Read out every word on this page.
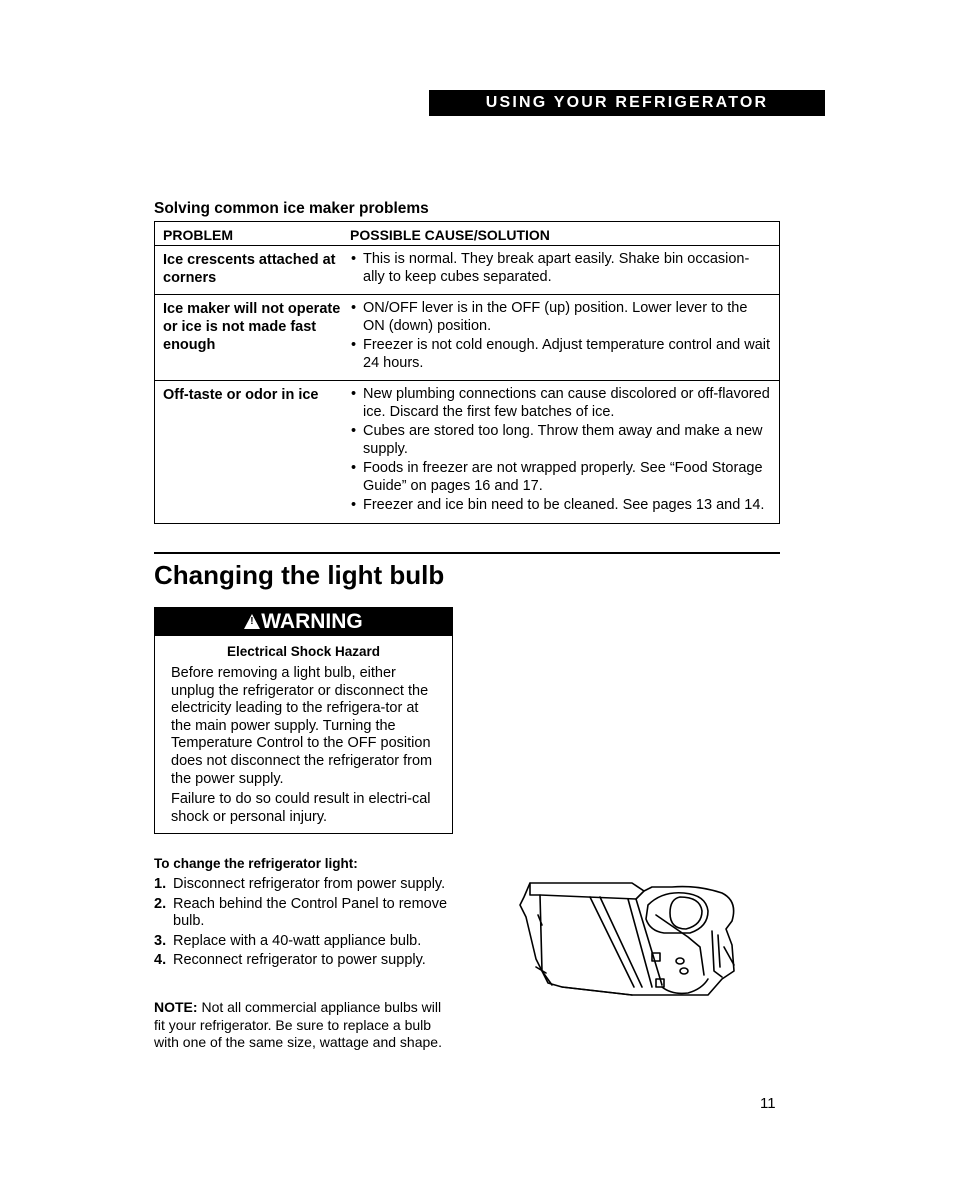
USING YOUR REFRIGERATOR
Solving common ice maker problems
PROBLEM	POSSIBLE CAUSE/SOLUTION
Ice crescents attached at corners	• This is normal. They break apart easily. Shake bin occasion-ally to keep cubes separated.

Ice maker will not operate or ice is not made fast enough	• ON/OFF lever is in the OFF (up) position. Lower lever to the ON (down) position.
• Freezer is not cold enough. Adjust temperature control and wait 24 hours.

Off-taste or odor in ice	• New plumbing connections can cause discolored or off-flavored ice. Discard the first few batches of ice.
• Cubes are stored too long. Throw them away and make a new supply.
• Foods in freezer are not wrapped properly. See “Food Storage Guide” on pages 16 and 17.
• Freezer and ice bin need to be cleaned. See pages 13 and 14.
Changing the light bulb
!WARNING
Electrical Shock Hazard

Before removing a light bulb, either unplug the refrigerator or disconnect the electricity leading to the refrigera-tor at the main power supply. Turning the Temperature Control to the OFF position does not disconnect the refrigerator from the power supply.

Failure to do so could result in electri-cal shock or personal injury.

To change the refrigerator light:
1. Disconnect refrigerator from power supply.
2. Reach behind the Control Panel to remove bulb.
3. Replace with a 40-watt appliance bulb.
4. Reconnect refrigerator to power supply.
NOTE: Not all commercial appliance bulbs will fit your refrigerator. Be sure to replace a bulb with one of the same size, wattage and shape.
11
